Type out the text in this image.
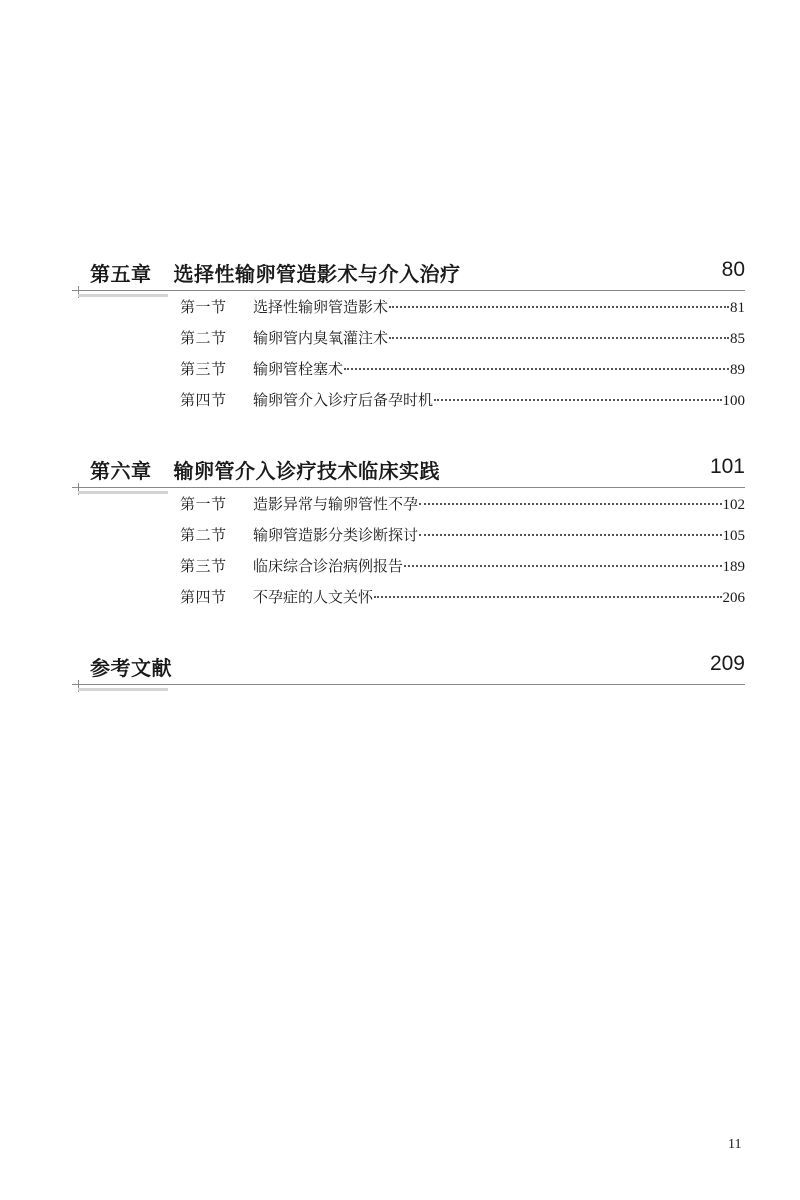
第五章 选择性输卵管造影术与介入治疗	80
第一节	选择性输卵管造影术	81
第二节	输卵管内臭氧灌注术	85
第三节	输卵管栓塞术	89
第四节	输卵管介入诊疗后备孕时机	100
第六章 输卵管介入诊疗技术临床实践	101
第一节	造影异常与输卵管性不孕	102
第二节	输卵管造影分类诊断探讨	105
第三节	临床综合诊治病例报告	189
第四节	不孕症的人文关怀	206
参考文献	209
11
